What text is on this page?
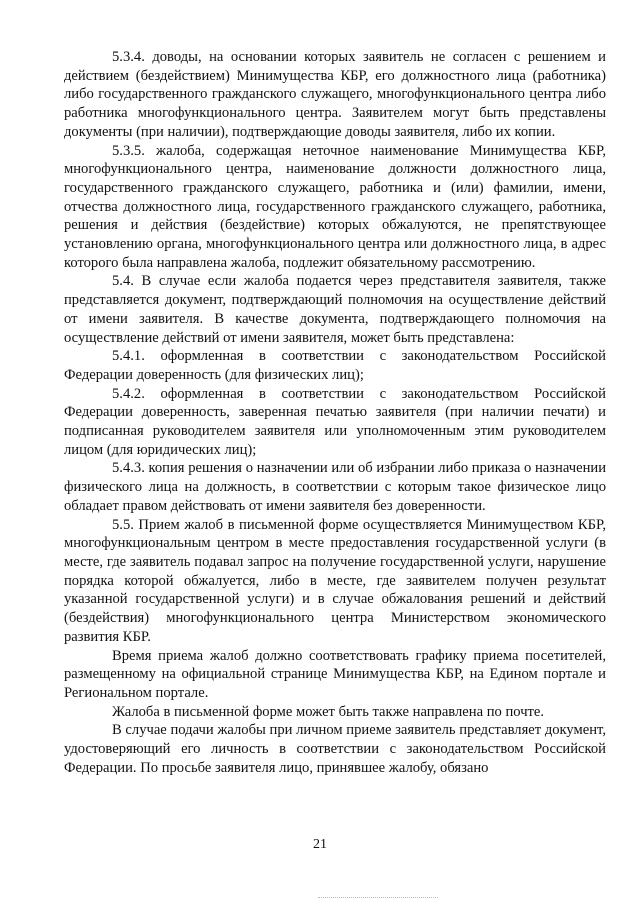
5.3.4. доводы, на основании которых заявитель не согласен с решением и действием (бездействием) Минимущества КБР, его должностного лица (работника) либо государственного гражданского служащего, многофункционального центра либо работника многофункционального центра. Заявителем могут быть представлены документы (при наличии), подтверждающие доводы заявителя, либо их копии.

5.3.5. жалоба, содержащая неточное наименование Минимущества КБР, многофункционального центра, наименование должности должностного лица, государственного гражданского служащего, работника и (или) фамилии, имени, отчества должностного лица, государственного гражданского служащего, работника, решения и действия (бездействие) которых обжалуются, не препятствующее установлению органа, многофункционального центра или должностного лица, в адрес которого была направлена жалоба, подлежит обязательному рассмотрению.

5.4. В случае если жалоба подается через представителя заявителя, также представляется документ, подтверждающий полномочия на осуществление действий от имени заявителя. В качестве документа, подтверждающего полномочия на осуществление действий от имени заявителя, может быть представлена:

5.4.1. оформленная в соответствии с законодательством Российской Федерации доверенность (для физических лиц);

5.4.2. оформленная в соответствии с законодательством Российской Федерации доверенность, заверенная печатью заявителя (при наличии печати) и подписанная руководителем заявителя или уполномоченным этим руководителем лицом (для юридических лиц);

5.4.3. копия решения о назначении или об избрании либо приказа о назначении физического лица на должность, в соответствии с которым такое физическое лицо обладает правом действовать от имени заявителя без доверенности.

5.5. Прием жалоб в письменной форме осуществляется Минимуществом КБР, многофункциональным центром в месте предоставления государственной услуги (в месте, где заявитель подавал запрос на получение государственной услуги, нарушение порядка которой обжалуется, либо в месте, где заявителем получен результат указанной государственной услуги) и в случае обжалования решений и действий (бездействия) многофункционального центра Министерством экономического развития КБР.

Время приема жалоб должно соответствовать графику приема посетителей, размещенному на официальной странице Минимущества КБР, на Едином портале и Региональном портале.

Жалоба в письменной форме может быть также направлена по почте.

В случае подачи жалобы при личном приеме заявитель представляет документ, удостоверяющий его личность в соответствии с законодательством Российской Федерации. По просьбе заявителя лицо, принявшее жалобу, обязано

21
